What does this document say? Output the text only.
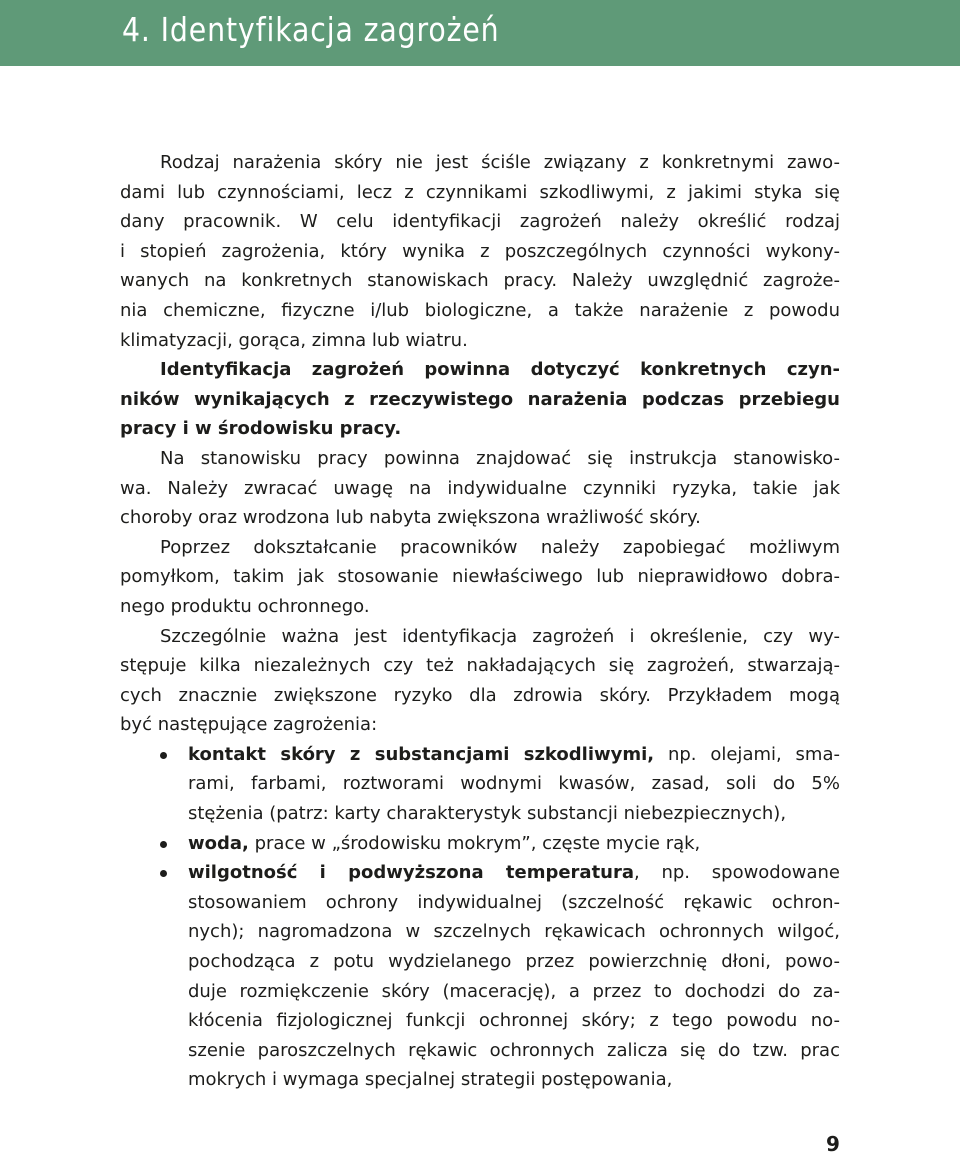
4. Identyfikacja zagrożeń
Rodzaj narażenia skóry nie jest ściśle związany z konkretnymi zawo-
dami lub czynnościami, lecz z czynnikami szkodliwymi, z jakimi styka się
dany pracownik. W celu identyfikacji zagrożeń należy określić rodzaj
i stopień zagrożenia, który wynika z poszczególnych czynności wykony-
wanych na konkretnych stanowiskach pracy. Należy uwzględnić zagroże-
nia chemiczne, fizyczne i/lub biologiczne, a także narażenie z powodu
klimatyzacji, gorąca, zimna lub wiatru.
Identyfikacja zagrożeń powinna dotyczyć konkretnych czyn-
ników wynikających z rzeczywistego narażenia podczas przebiegu
pracy i w środowisku pracy.
Na stanowisku pracy powinna znajdować się instrukcja stanowisko-
wa. Należy zwracać uwagę na indywidualne czynniki ryzyka, takie jak
choroby oraz wrodzona lub nabyta zwiększona wrażliwość skóry.
Poprzez dokształcanie pracowników należy zapobiegać możliwym
pomyłkom, takim jak stosowanie niewłaściwego lub nieprawidłowo dobra-
nego produktu ochronnego.
Szczególnie ważna jest identyfikacja zagrożeń i określenie, czy wy-
stępuje kilka niezależnych czy też nakładających się zagrożeń, stwarzają-
cych znacznie zwiększone ryzyko dla zdrowia skóry. Przykładem mogą
być następujące zagrożenia:
kontakt skóry z substancjami szkodliwymi, np. olejami, sma-
rami, farbami, roztworami wodnymi kwasów, zasad, soli do 5%
stężenia (patrz: karty charakterystyk substancji niebezpiecznych),
woda, prace w „środowisku mokrym”, częste mycie rąk,
wilgotność i podwyższona temperatura, np. spowodowane
stosowaniem ochrony indywidualnej (szczelność rękawic ochron-
nych); nagromadzona w szczelnych rękawicach ochronnych wilgoć,
pochodząca z potu wydzielanego przez powierzchnię dłoni, powo-
duje rozmiękczenie skóry (macerację), a przez to dochodzi do za-
kłócenia fizjologicznej funkcji ochronnej skóry; z tego powodu no-
szenie paroszczelnych rękawic ochronnych zalicza się do tzw. prac
mokrych i wymaga specjalnej strategii postępowania,
9
